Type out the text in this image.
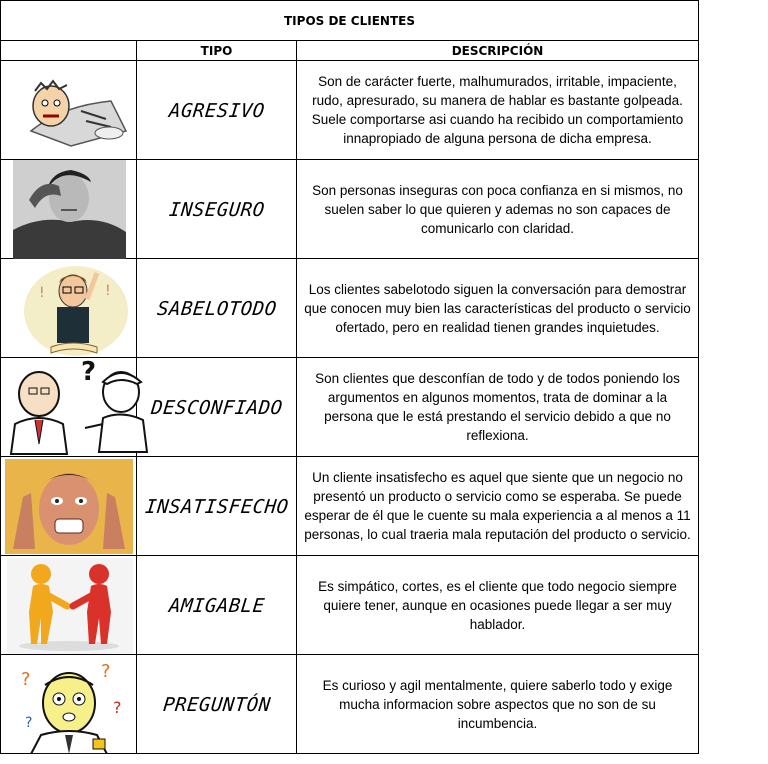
TIPOS DE CLIENTES		
	TIPO	DESCRIPCIÓN

	AGRESIVO	Son de carácter fuerte, malhumurados, irritable, impaciente, rudo, apresurado, su manera de hablar es bastante golpeada. Suele comportarse asi cuando ha recibido un comportamiento innapropiado de alguna persona de dicha empresa.

	INSEGURO	Son personas inseguras con poca confianza en si mismos, no suelen saber lo que quieren y ademas no son capaces de comunicarlo con claridad.

! !	SABELOTODO	Los clientes sabelotodo siguen la conversación para demostrar que conocen muy bien las características del producto o servicio ofertado, pero en realidad tienen grandes inquietudes.

?	DESCONFIADO	Son clientes que desconfían de todo y de todos poniendo los argumentos en algunos momentos, trata de dominar a la persona que le está prestando el servicio debido a que no reflexiona.

	INSATISFECHO	Un cliente insatisfecho es aquel que siente que un negocio no presentó un producto o servicio como se esperaba. Se puede esperar de él que le cuente su mala experiencia a al menos a 11 personas, lo cual traeria mala reputación del producto o servicio.

	AMIGABLE	Es simpático, cortes, es el cliente que todo negocio siempre quiere tener, aunque en ocasiones puede llegar a ser muy hablador.

? ?
?
?	PREGUNTÓN	Es curioso y agil mentalmente, quiere saberlo todo y exige mucha informacion sobre aspectos que no son de su incumbencia.
